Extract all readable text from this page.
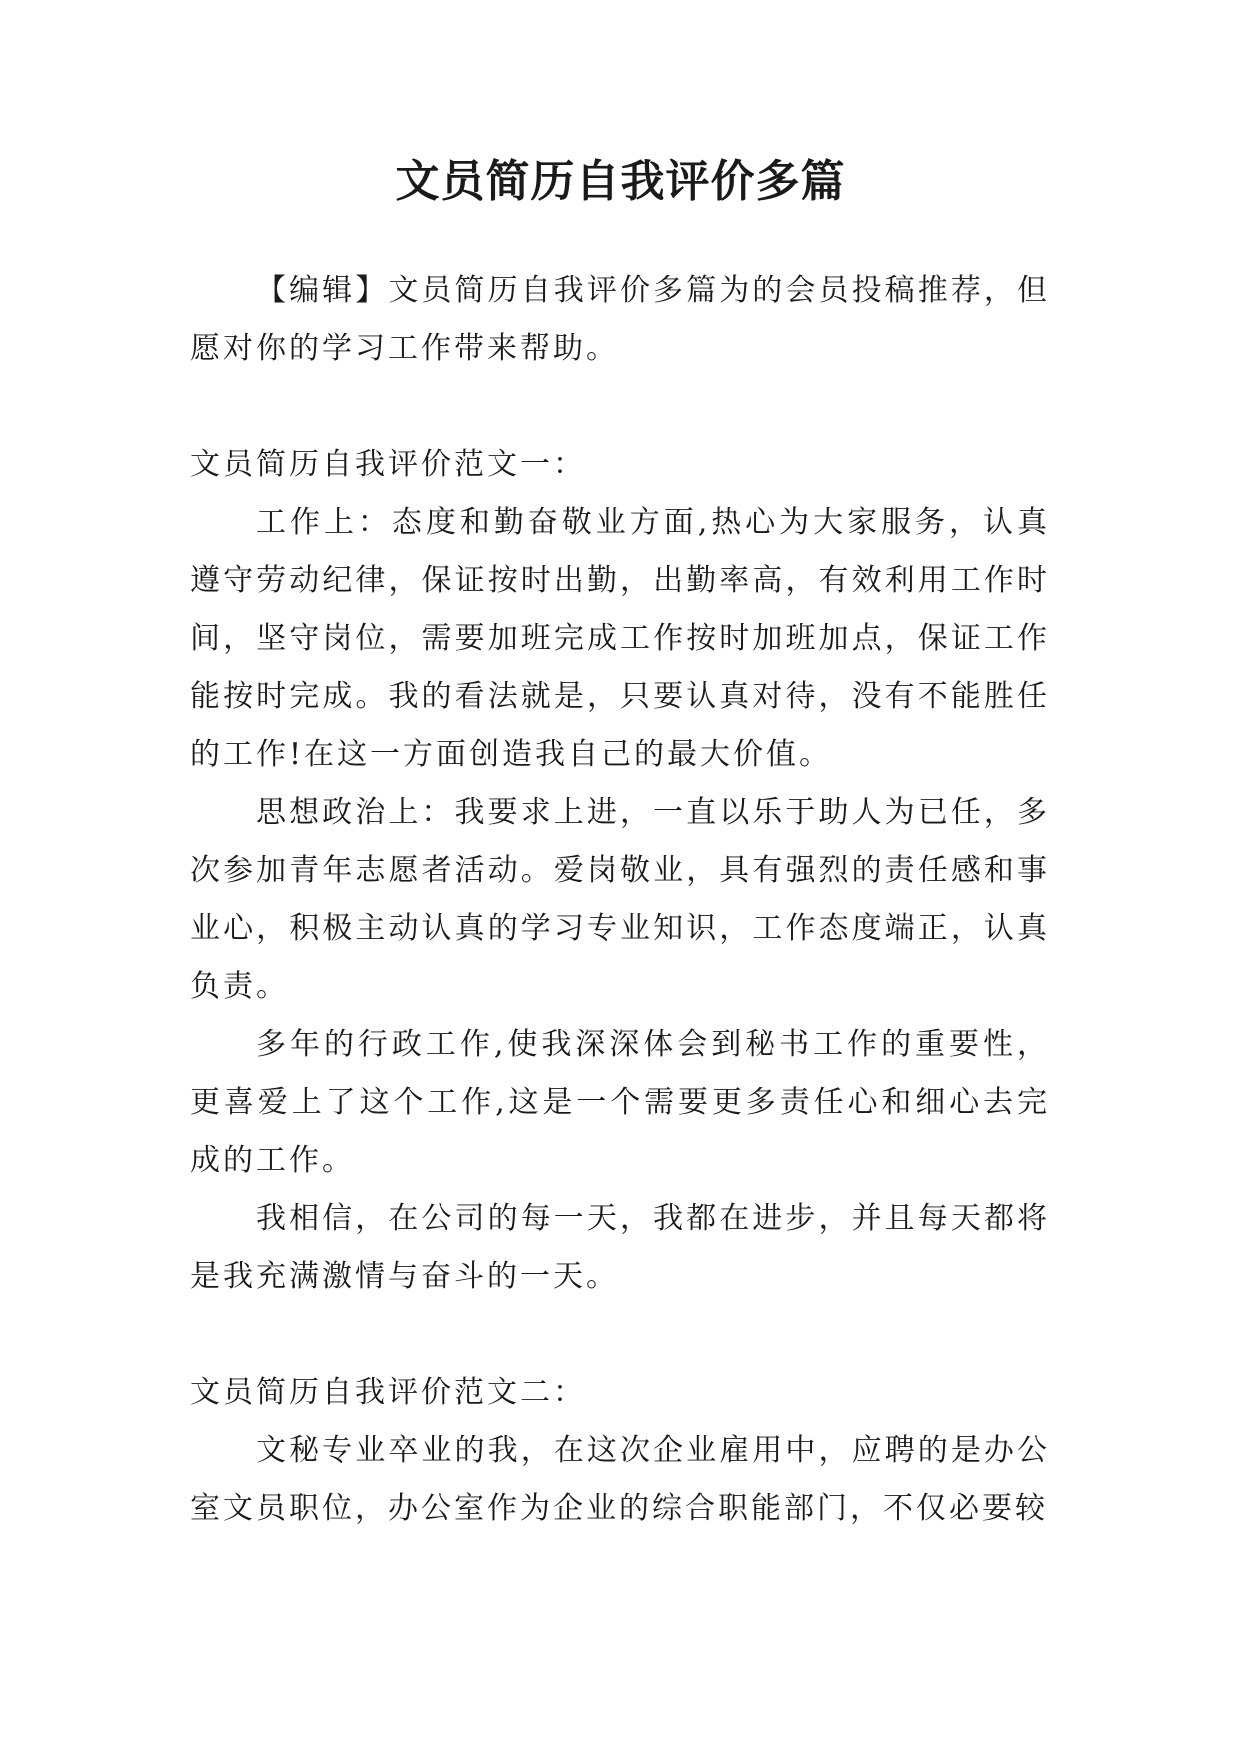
文员简历自我评价多篇

【编辑】文员简历自我评价多篇为的会员投稿推荐，但愿对你的学习工作带来帮助。

文员简历自我评价范文一：

工作上：态度和勤奋敬业方面,热心为大家服务，认真遵守劳动纪律，保证按时出勤，出勤率高，有效利用工作时间，坚守岗位，需要加班完成工作按时加班加点，保证工作能按时完成。我的看法就是，只要认真对待，没有不能胜任的工作!在这一方面创造我自己的最大价值。

思想政治上：我要求上进，一直以乐于助人为已任，多次参加青年志愿者活动。爱岗敬业，具有强烈的责任感和事业心，积极主动认真的学习专业知识，工作态度端正，认真负责。

多年的行政工作,使我深深体会到秘书工作的重要性，更喜爱上了这个工作,这是一个需要更多责任心和细心去完成的工作。

我相信，在公司的每一天，我都在进步，并且每天都将是我充满激情与奋斗的一天。

文员简历自我评价范文二：

文秘专业卒业的我，在这次企业雇用中，应聘的是办公室文员职位，办公室作为企业的综合职能部门，不仅必要较
